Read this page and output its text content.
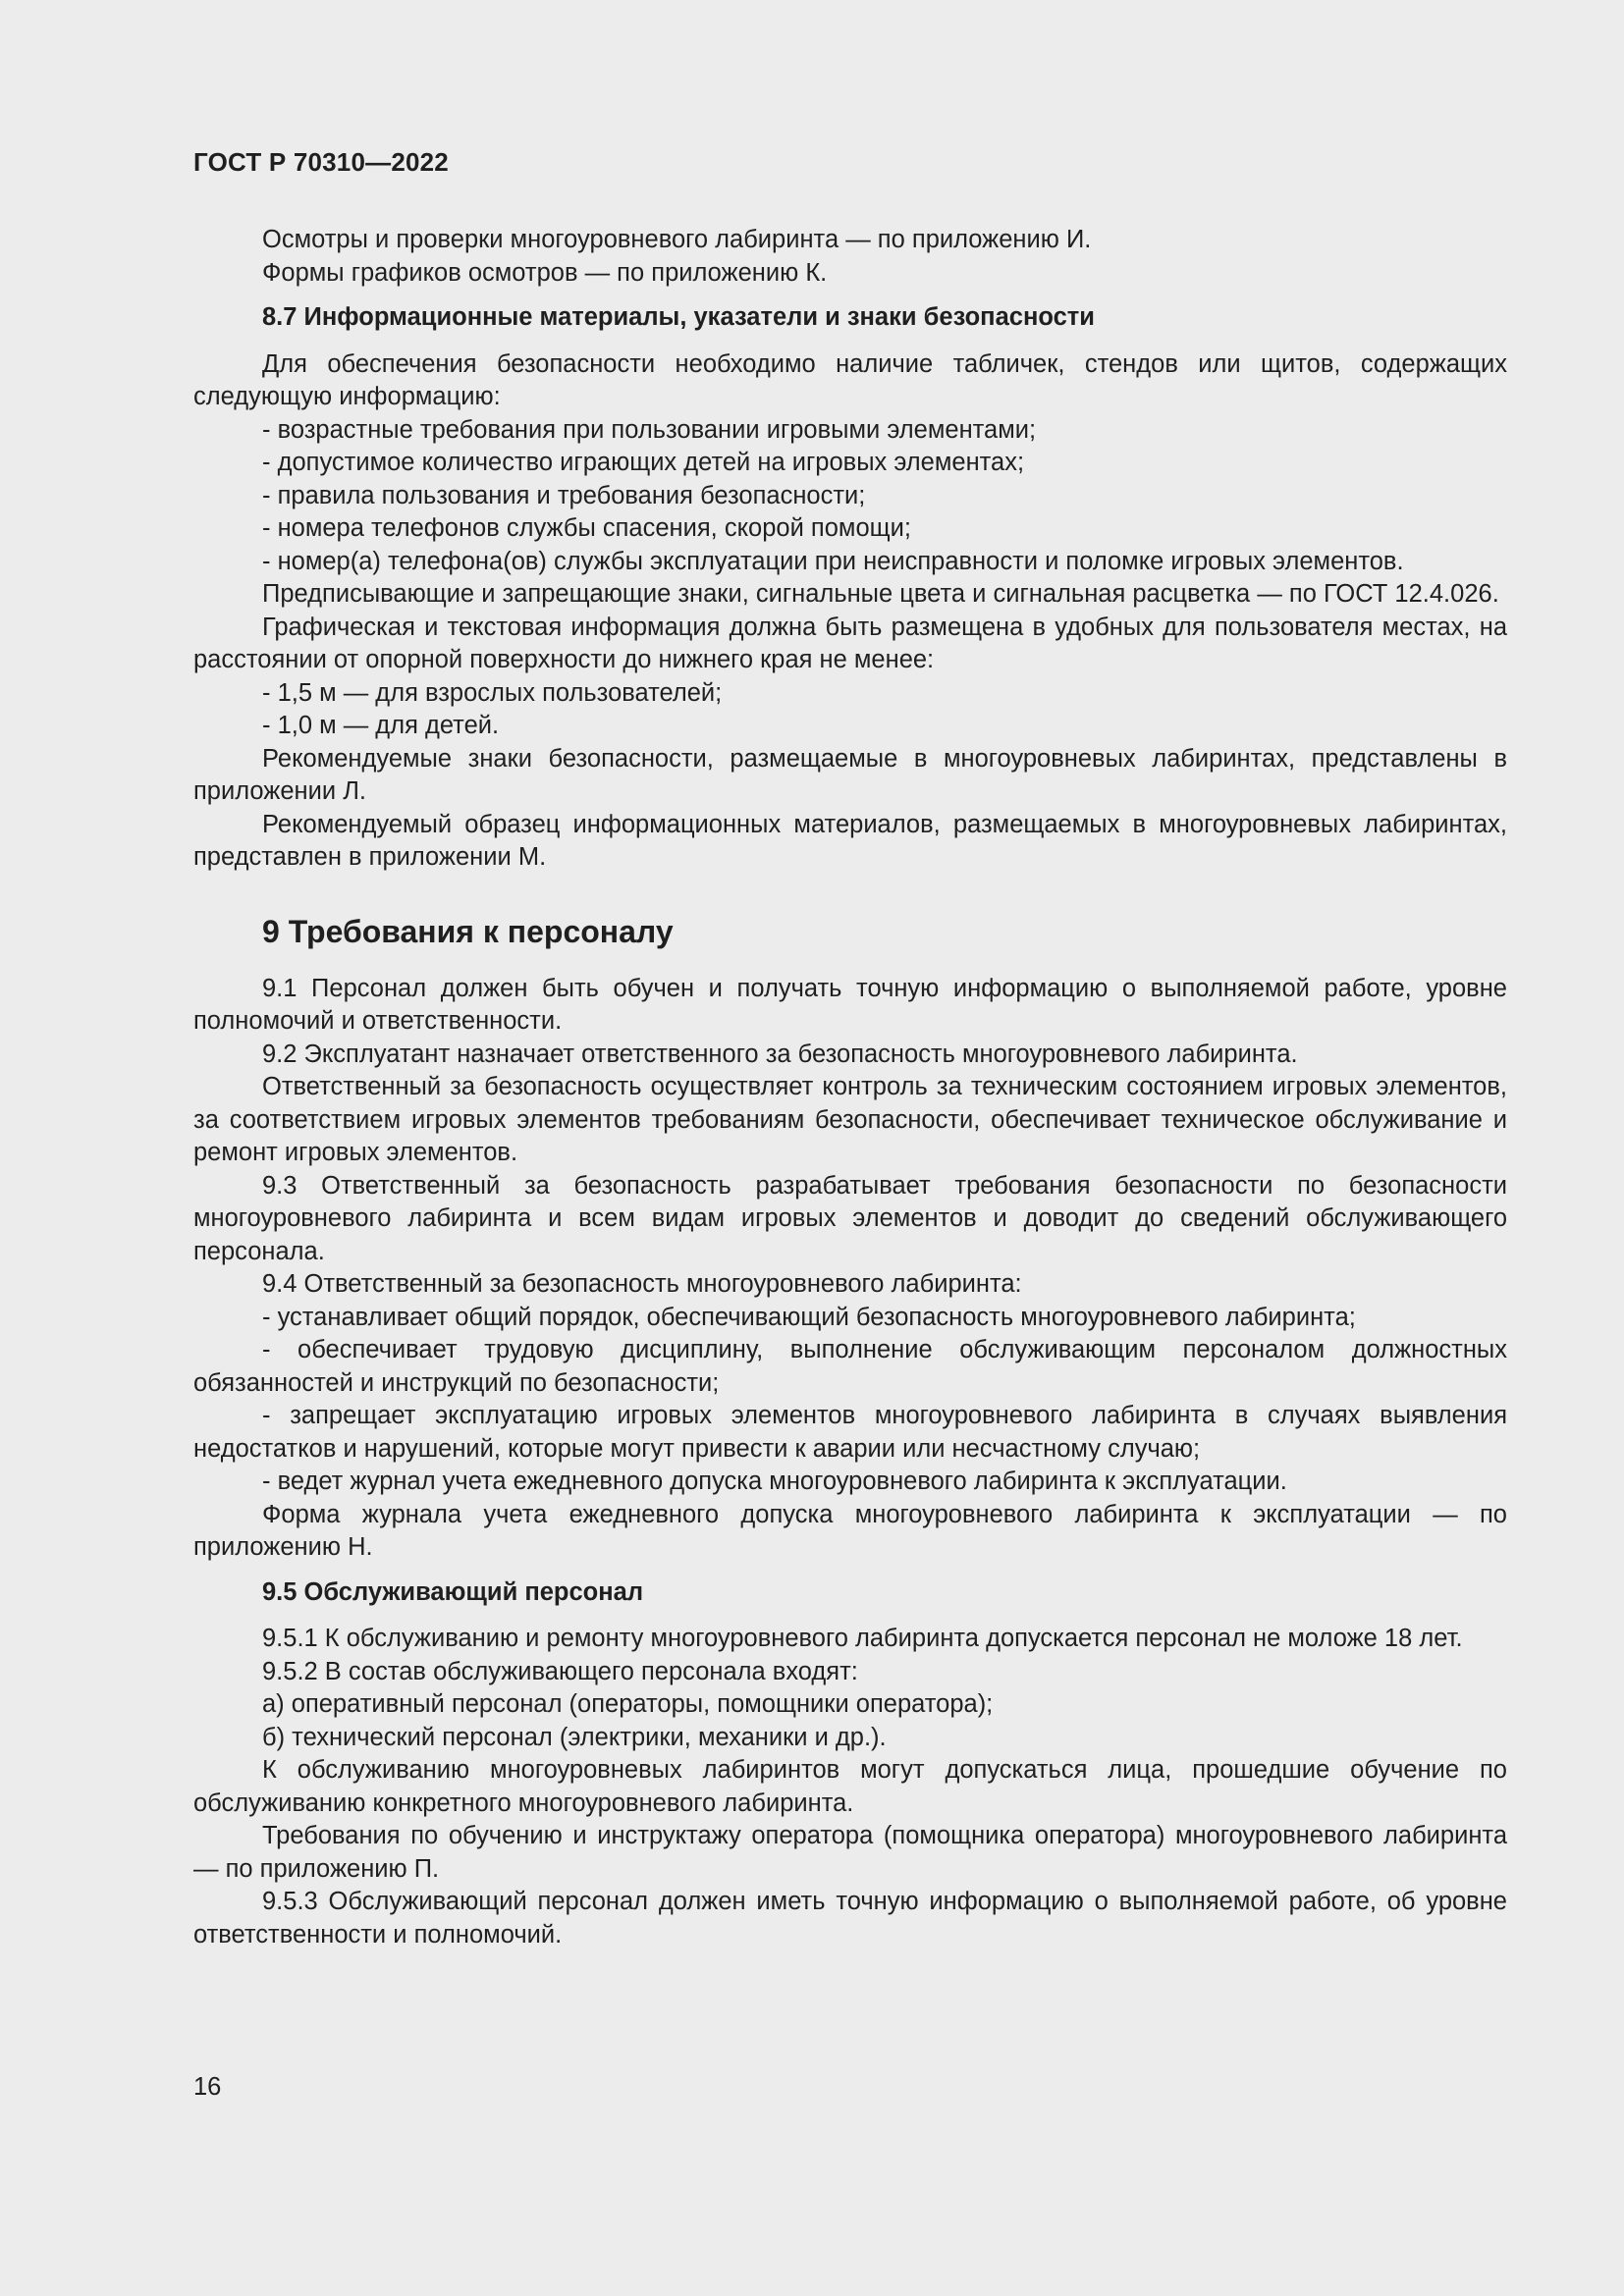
ГОСТ Р 70310—2022

Осмотры и проверки многоуровневого лабиринта — по приложению И.

Формы графиков осмотров — по приложению К.

8.7 Информационные материалы, указатели и знаки безопасности

Для обеспечения безопасности необходимо наличие табличек, стендов или щитов, содержащих следующую информацию:

- возрастные требования при пользовании игровыми элементами;

- допустимое количество играющих детей на игровых элементах;

- правила пользования и требования безопасности;

- номера телефонов службы спасения, скорой помощи;

- номер(а) телефона(ов) службы эксплуатации при неисправности и поломке игровых элементов.

Предписывающие и запрещающие знаки, сигнальные цвета и сигнальная расцветка — по ГОСТ 12.4.026.

Графическая и текстовая информация должна быть размещена в удобных для пользователя местах, на расстоянии от опорной поверхности до нижнего края не менее:

- 1,5 м — для взрослых пользователей;

- 1,0 м — для детей.

Рекомендуемые знаки безопасности, размещаемые в многоуровневых лабиринтах, представлены в приложении Л.

Рекомендуемый образец информационных материалов, размещаемых в многоуровневых лабиринтах, представлен в приложении М.

9 Требования к персоналу

9.1 Персонал должен быть обучен и получать точную информацию о выполняемой работе, уровне полномочий и ответственности.

9.2 Эксплуатант назначает ответственного за безопасность многоуровневого лабиринта.

Ответственный за безопасность осуществляет контроль за техническим состоянием игровых элементов, за соответствием игровых элементов требованиям безопасности, обеспечивает техническое обслуживание и ремонт игровых элементов.

9.3 Ответственный за безопасность разрабатывает требования безопасности по безопасности многоуровневого лабиринта и всем видам игровых элементов и доводит до сведений обслуживающего персонала.

9.4 Ответственный за безопасность многоуровневого лабиринта:

- устанавливает общий порядок, обеспечивающий безопасность многоуровневого лабиринта;

- обеспечивает трудовую дисциплину, выполнение обслуживающим персоналом должностных обязанностей и инструкций по безопасности;

- запрещает эксплуатацию игровых элементов многоуровневого лабиринта в случаях выявления недостатков и нарушений, которые могут привести к аварии или несчастному случаю;

- ведет журнал учета ежедневного допуска многоуровневого лабиринта к эксплуатации.

Форма журнала учета ежедневного допуска многоуровневого лабиринта к эксплуатации — по приложению Н.

9.5 Обслуживающий персонал

9.5.1 К обслуживанию и ремонту многоуровневого лабиринта допускается персонал не моложе 18 лет.

9.5.2 В состав обслуживающего персонала входят:

а) оперативный персонал (операторы, помощники оператора);

б) технический персонал (электрики, механики и др.).

К обслуживанию многоуровневых лабиринтов могут допускаться лица, прошедшие обучение по обслуживанию конкретного многоуровневого лабиринта.

Требования по обучению и инструктажу оператора (помощника оператора) многоуровневого лабиринта — по приложению П.

9.5.3 Обслуживающий персонал должен иметь точную информацию о выполняемой работе, об уровне ответственности и полномочий.

16
